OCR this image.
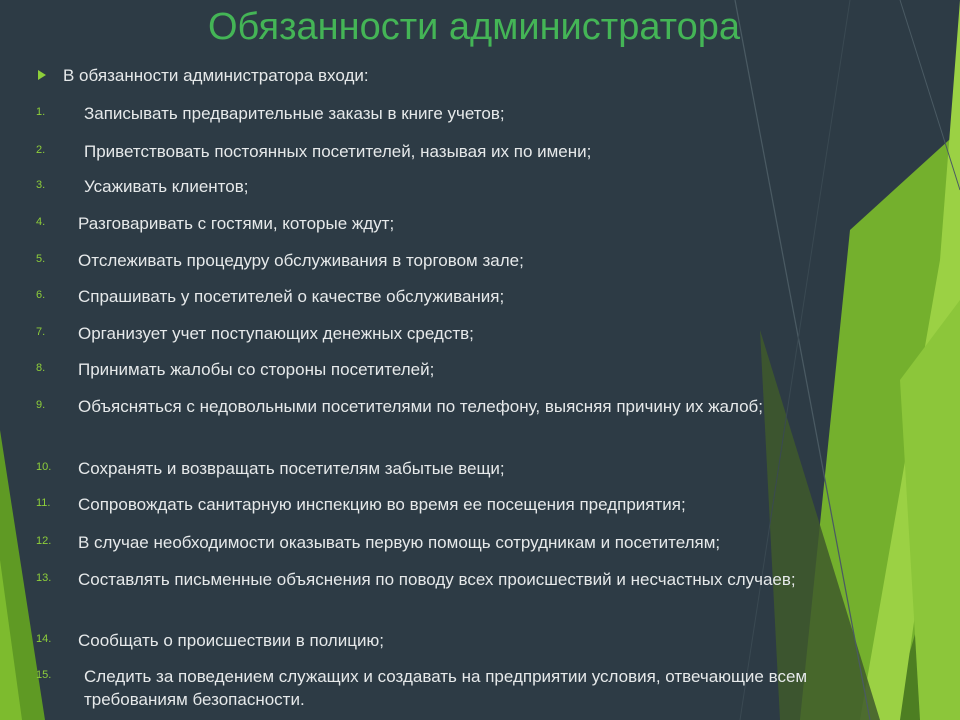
Обязанности администратора
В обязанности администратора входи:
1. Записывать предварительные заказы в книге учетов;
2. Приветствовать постоянных посетителей, называя их по имени;
3. Усаживать клиентов;
4. Разговаривать с гостями, которые ждут;
5. Отслеживать процедуру обслуживания в торговом зале;
6. Спрашивать у посетителей о качестве обслуживания;
7. Организует учет поступающих денежных средств;
8. Принимать жалобы со стороны посетителей;
9. Объясняться с недовольными посетителями по телефону, выясняя причину их жалоб;
10. Сохранять и возвращать посетителям забытые вещи;
11. Сопровождать санитарную инспекцию во время ее посещения предприятия;
12. В случае необходимости оказывать первую помощь сотрудникам и посетителям;
13. Составлять письменные объяснения по поводу всех происшествий и несчастных случаев;
14. Сообщать о происшествии в полицию;
15. Следить за поведением служащих и создавать на предприятии условия, отвечающие всем требованиям безопасности.
